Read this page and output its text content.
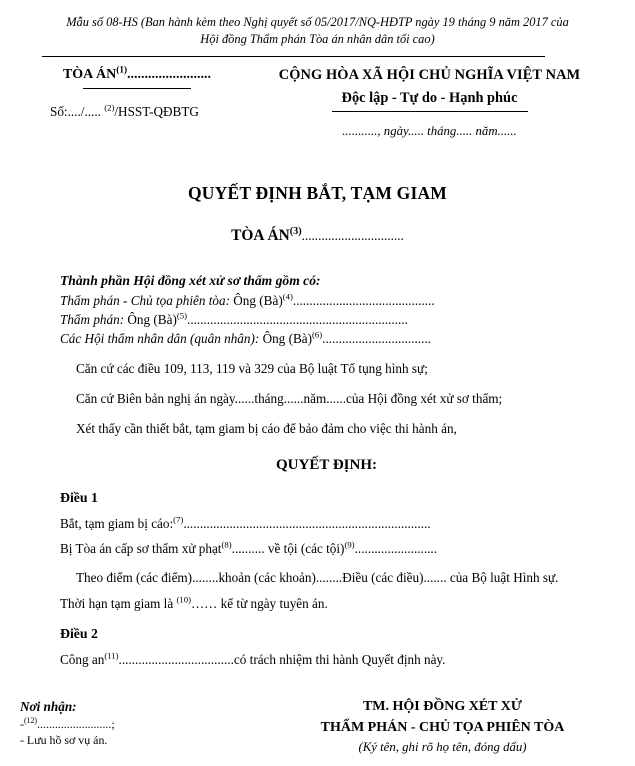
Mẫu số 08-HS (Ban hành kèm theo Nghị quyết số 05/2017/NQ-HĐTP ngày 19 tháng 9 năm 2017 của
Hội đồng Thẩm phán Tòa án nhân dân tối cao)
TÒA ÁN$^{(1)}$........................
Số:..../..... $^{(2)}$/HSST-QĐBTG
CỘNG HÒA XÃ HỘI CHỦ NGHĨA VIỆT NAM
Độc lập - Tự do - Hạnh phúc
..........., ngày..... tháng..... năm......
QUYẾT ĐỊNH BẮT, TẠM GIAM
TÒA ÁN$^{(3)}$...............................
Thành phần Hội đồng xét xử sơ thẩm gồm có:
Thẩm phán - Chủ tọa phiên tòa: Ông (Bà)$^{(4)}$...........................................
Thẩm phán: Ông (Bà)$^{(5)}$...................................................................
Các Hội thẩm nhân dân (quân nhân): Ông (Bà)$^{(6)}$.................................
Căn cứ các điều 109, 113, 119 và 329 của Bộ luật Tố tụng hình sự;
Căn cứ Biên bản nghị án ngày......tháng......năm......của Hội đồng xét xử sơ thẩm;
Xét thấy cần thiết bắt, tạm giam bị cáo để bảo đảm cho việc thi hành án,
QUYẾT ĐỊNH:
Điều 1
Bắt, tạm giam bị cáo:$^{(7)}$...........................................................................
Bị Tòa án cấp sơ thẩm xử phạt$^{(8)}$.......... về tội (các tội)$^{(9)}$.........................
Theo điểm (các điểm)........khoản (các khoản)........Điều (các điều)....... của Bộ luật Hình sự.
Thời hạn tạm giam là $^{(10)}$…… kể từ ngày tuyên án.
Điều 2
Công $an^{(11)}...................................có$ trách nhiệm thi hành Quyết định này.
Nơi nhận:
-$^{(12)}$.........................;
- Lưu hồ sơ vụ án.
TM. HỘI ĐỒNG XÉT XỬ
THẨM PHÁN - CHỦ TỌA PHIÊN TÒA
(Ký tên, ghi rõ họ tên, đóng dấu)
